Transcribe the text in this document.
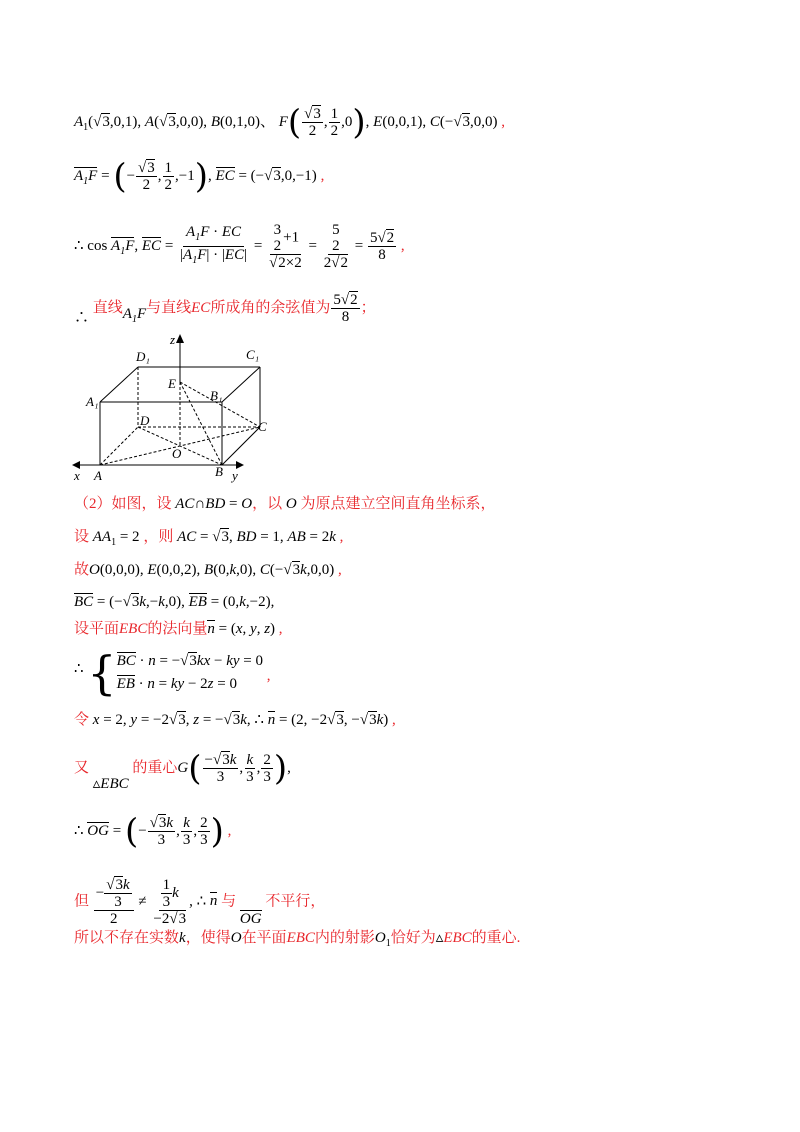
$A_1(√3,0,1)$, A(√3,0,0), B(0,1,0)、 $F( \frac{√3}{2}$ , $\frac{1}{2} ,0$), E(0,0,1), C(−√3,0,0) ,
$A_1F$ = (− $\frac{√3}{2}$ , $\frac{1}{2} ,-1$), EC = (−√3,0,−1) ,
∴ $\cos A_1F$, EC = $\frac{A_1F \cdot EC}{|A_1F| \cdot |EC|} = 3$
2
+1
√2×2 = 5
2
$2√2 = \frac{5√2}{8}$ ,
∴ 直线$A_1F$与直线EC所成角的余弦值为 $\frac{5√2}{8}$ ；
z
D₁	C₁
E
B₁
A₁
D	C
O
x A	B y
（2）如图，设 AC∩BD = O，以 O 为原点建立空间直角坐标系，
设 $AA_1 = 2$ ，则 AC = √3, BD = 1, AB = 2k ,
故O(0,0,0), E(0,0,2), B(0,k,0), C(−√3k,0,0) ,
BC = (−√3k,−k,0), EB = (0,k,−2),
设平面EBC的法向量n = (x, y, z) ,
∴ { BC · n = −√3kx − ky = 0
EB · n = ky − 2z = 0	,
令 x = 2, y = −2√3, z = −√3k, ∴ n = (2, −2√3, −√3k) ,
又 ▵EBC 的重心$G( \frac{-√3k}{3}$ , $\frac{k}{3}$ , $\frac{2}{3}$ ),
∴ OG = (− $\frac{√3k}{3}$ , $\frac{k}{3}$ , $\frac{2}{3}$ ) ,
但 $\frac{- \frac{√3k}{3}}{2} \ne \frac{\frac{1}{3} k}{-2√3}$ , ∴ n 与 OG 不平行，
所以不存在实数k，使得O在平面EBC内的射影$O_1$恰好为▵EBC的重心.
